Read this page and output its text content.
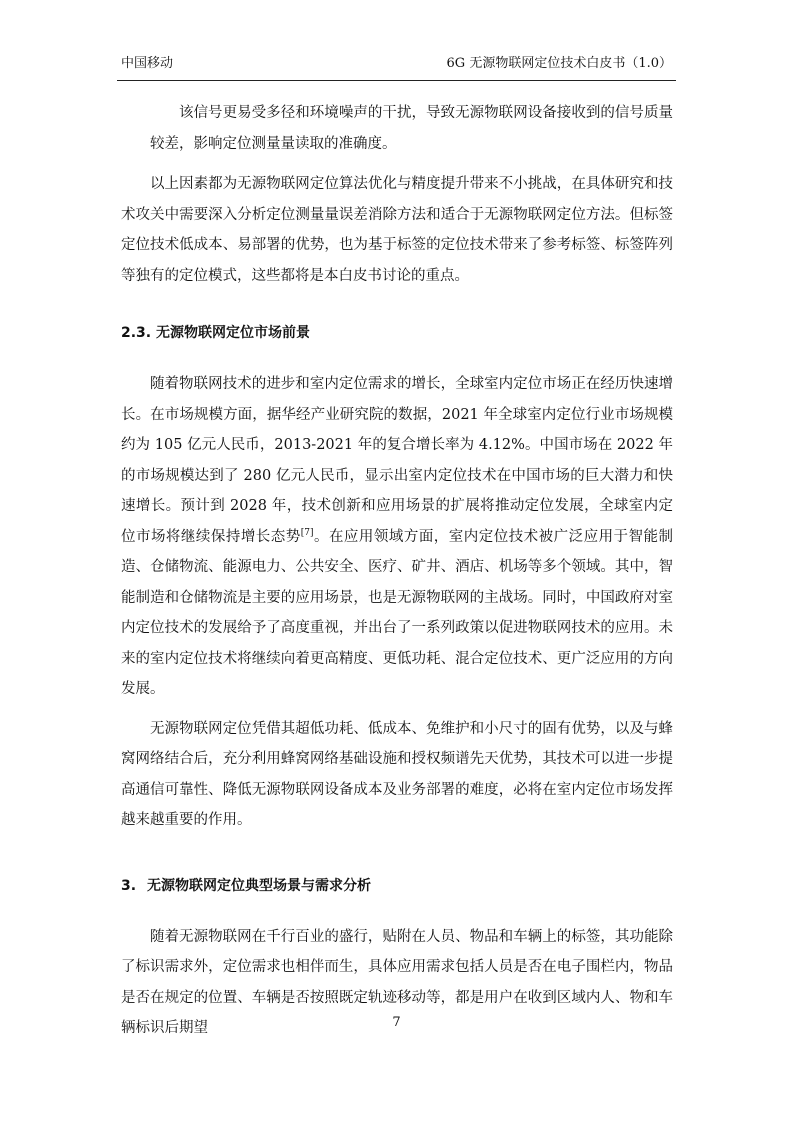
中国移动	6G 无源物联网定位技术白皮书（1.0）

该信号更易受多径和环境噪声的干扰，导致无源物联网设备接收到的信号质量较差，影响定位测量量读取的准确度。

以上因素都为无源物联网定位算法优化与精度提升带来不小挑战，在具体研究和技术攻关中需要深入分析定位测量量误差消除方法和适合于无源物联网定位方法。但标签定位技术低成本、易部署的优势，也为基于标签的定位技术带来了参考标签、标签阵列等独有的定位模式，这些都将是本白皮书讨论的重点。

2.3. 无源物联网定位市场前景

随着物联网技术的进步和室内定位需求的增长，全球室内定位市场正在经历快速增长。在市场规模方面，据华经产业研究院的数据，2021 年全球室内定位行业市场规模约为 105 亿元人民币，2013-2021 年的复合增长率为 4.12%。中国市场在 2022 年的市场规模达到了 280 亿元人民币，显示出室内定位技术在中国市场的巨大潜力和快速增长。预计到 2028 年，技术创新和应用场景的扩展将推动定位发展，全球室内定位市场将继续保持增长态势[7]。在应用领域方面，室内定位技术被广泛应用于智能制造、仓储物流、能源电力、公共安全、医疗、矿井、酒店、机场等多个领域。其中，智能制造和仓储物流是主要的应用场景，也是无源物联网的主战场。同时，中国政府对室内定位技术的发展给予了高度重视，并出台了一系列政策以促进物联网技术的应用。未来的室内定位技术将继续向着更高精度、更低功耗、混合定位技术、更广泛应用的方向发展。

无源物联网定位凭借其超低功耗、低成本、免维护和小尺寸的固有优势，以及与蜂窝网络结合后，充分利用蜂窝网络基础设施和授权频谱先天优势，其技术可以进一步提高通信可靠性、降低无源物联网设备成本及业务部署的难度，必将在室内定位市场发挥越来越重要的作用。

3. 无源物联网定位典型场景与需求分析

随着无源物联网在千行百业的盛行，贴附在人员、物品和车辆上的标签，其功能除了标识需求外，定位需求也相伴而生，具体应用需求包括人员是否在电子围栏内，物品是否在规定的位置、车辆是否按照既定轨迹移动等，都是用户在收到区域内人、物和车辆标识后期望	7
